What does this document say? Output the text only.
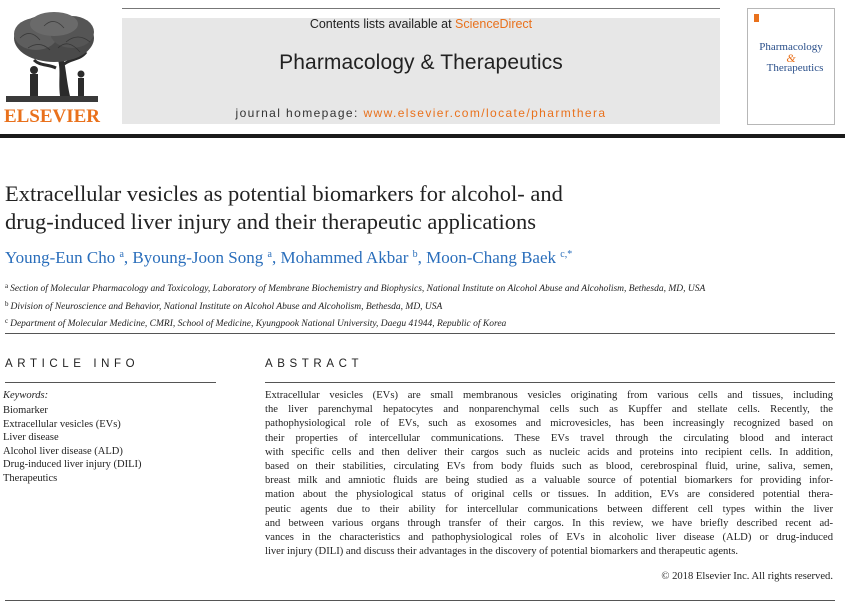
ELSEVIER
Contents lists available at ScienceDirect
Pharmacology & Therapeutics
journal homepage: www.elsevier.com/locate/pharmthera
Pharmacology
&
Therapeutics
Extracellular vesicles as potential biomarkers for alcohol- and
drug-induced liver injury and their therapeutic applications
Young-Eun Cho $^a$, Byoung-Joon Song $^a$, Mohammed Akbar $^b$, Moon-Chang Baek $^{c,*}$
$^a$ Section of Molecular Pharmacology and Toxicology, Laboratory of Membrane Biochemistry and Biophysics, National Institute on Alcohol Abuse and Alcoholism, Bethesda, MD, USA
$^b$ Division of Neuroscience and Behavior, National Institute on Alcohol Abuse and Alcoholism, Bethesda, MD, USA
$^c$ Department of Molecular Medicine, CMRI, School of Medicine, Kyungpook National University, Daegu 41944, Republic of Korea
ARTICLE INFO
Keywords:
Biomarker
Extracellular vesicles (EVs)
Liver disease
Alcohol liver disease (ALD)
Drug-induced liver injury (DILI)
Therapeutics
ABSTRACT
Extracellular vesicles (EVs) are small membranous vesicles originating from various cells and tissues, including
the liver parenchymal hepatocytes and nonparenchymal cells such as Kupffer and stellate cells. Recently, the
pathophysiological role of EVs, such as exosomes and microvesicles, has been increasingly recognized based on
their properties of intercellular communications. These EVs travel through the circulating blood and interact
with specific cells and then deliver their cargos such as nucleic acids and proteins into recipient cells. In addition,
based on their stabilities, circulating EVs from body fluids such as blood, cerebrospinal fluid, urine, saliva, semen,
breast milk and amniotic fluids are being studied as a valuable source of potential biomarkers for providing infor-
mation about the physiological status of original cells or tissues. In addition, EVs are considered potential thera-
peutic agents due to their ability for intercellular communications between different cell types within the liver
and between various organs through transfer of their cargos. In this review, we have briefly described recent ad-
vances in the characteristics and pathophysiological roles of EVs in alcoholic liver disease (ALD) or drug-induced
liver injury (DILI) and discuss their advantages in the discovery of potential biomarkers and therapeutic agents.
© 2018 Elsevier Inc. All rights reserved.
